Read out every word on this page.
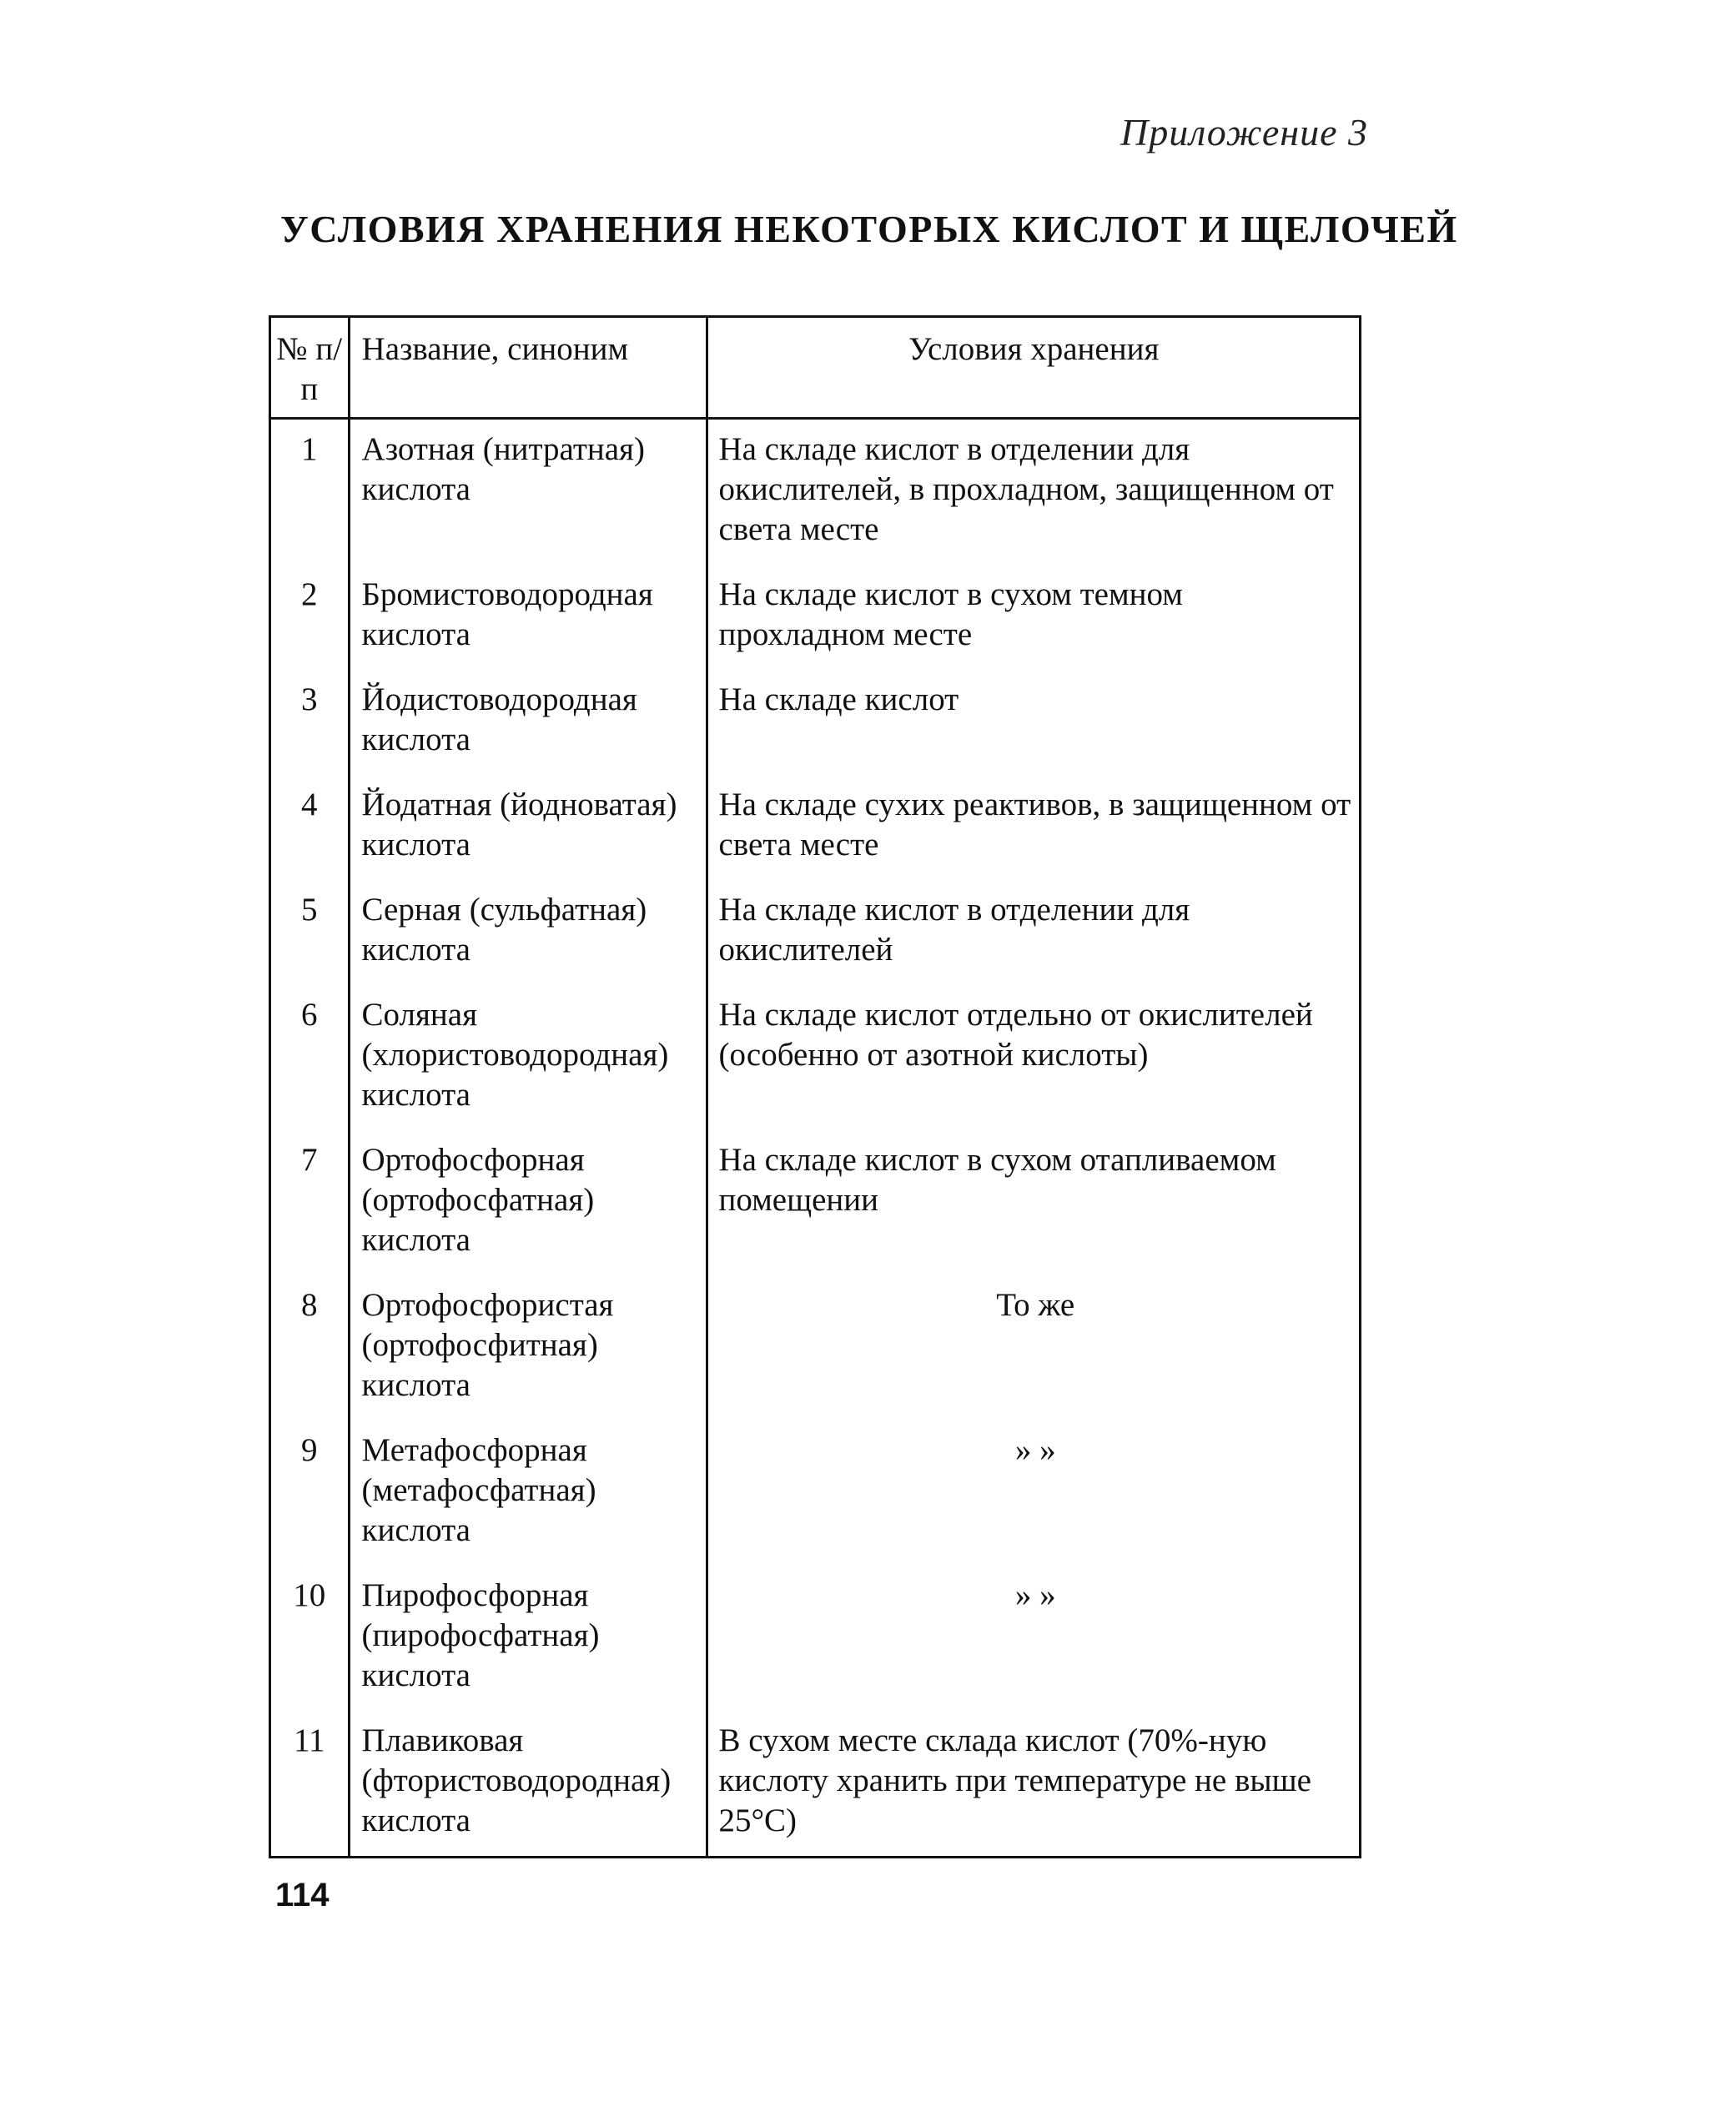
Приложение 3
УСЛОВИЯ ХРАНЕНИЯ НЕКОТОРЫХ КИСЛОТ И ЩЕЛОЧЕЙ
№ п/п	Название, синоним	Условия хранения
1	Азотная (нитратная) кислота	На складе кислот в отделении для окислителей, в прохладном, защищенном от света месте
2	Бромистоводородная кислота	На складе кислот в сухом темном прохладном месте
3	Йодистоводородная кислота	На складе кислот
4	Йодатная (йодноватая) кислота	На складе сухих реактивов, в защищенном от света месте
5	Серная (сульфатная) кислота	На складе кислот в отделении для окислителей
6	Соляная (хлористоводородная) кислота	На складе кислот отдельно от окислителей (особенно от азотной кислоты)
7	Ортофосфорная (ортофосфатная) кислота	На складе кислот в сухом отапливаемом помещении
8	Ортофосфористая (ортофосфитная) кислота	То же
9	Метафосфорная (метафосфатная) кислота	» »
10	Пирофосфорная (пирофосфатная) кислота	» »
11	Плавиковая (фтористоводородная) кислота	В сухом месте склада кислот (70%-ную кислоту хранить при температуре не выше 25°С)
114
